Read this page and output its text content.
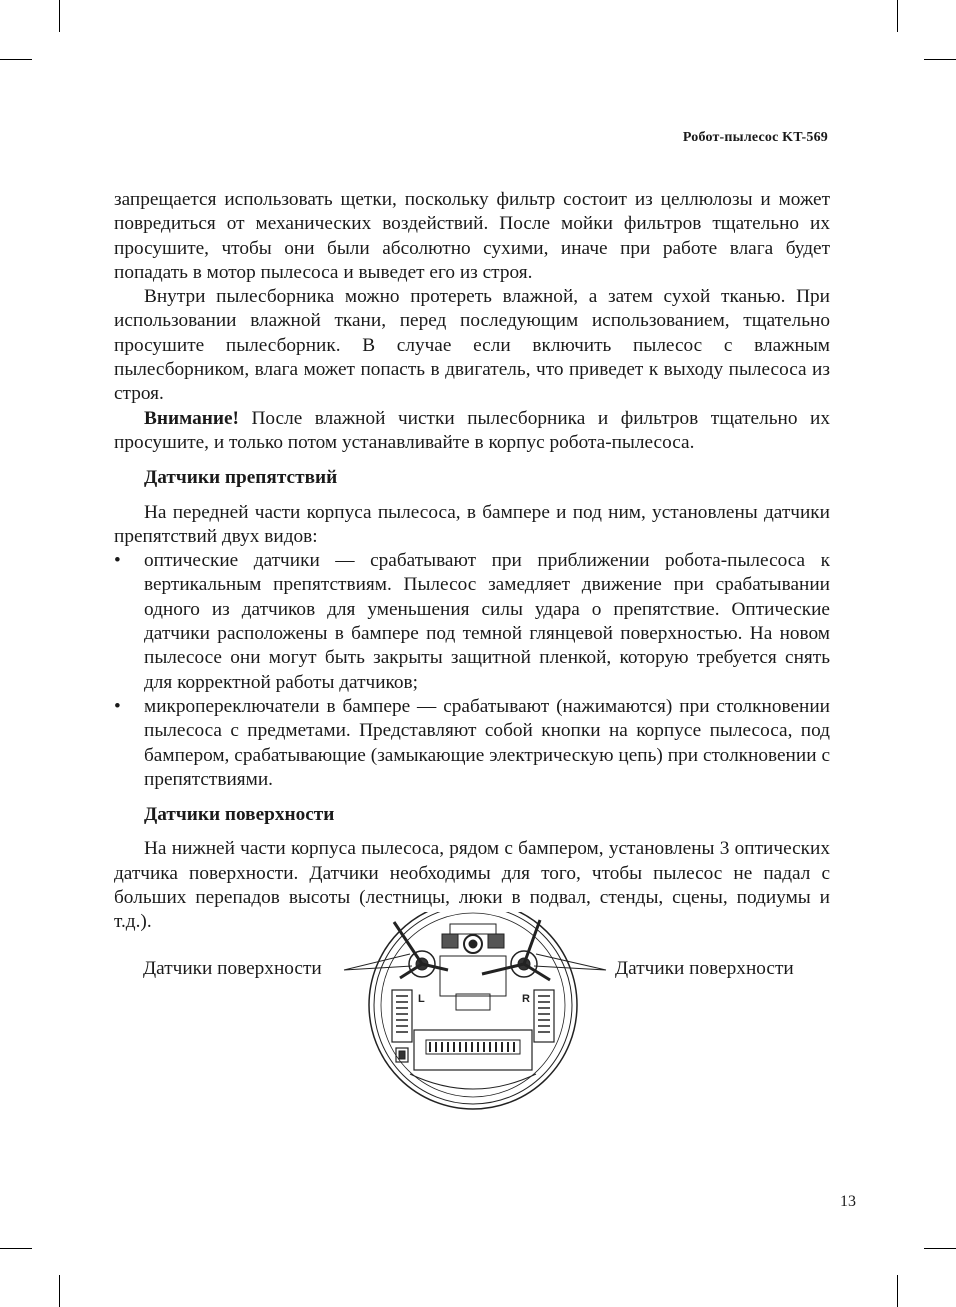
Робот-пылесос KT-569

запрещается использовать щетки, поскольку фильтр состоит из целлюлозы и может повредиться от механических воздействий. После мойки фильтров тщательно их просушите, чтобы они были абсолютно сухими, иначе при работе влага будет попадать в мотор пылесоса и выведет его из строя.

Внутри пылесборника можно протереть влажной, а затем сухой тканью. При использовании влажной ткани, перед последующим использованием, тщательно просушите пылесборник. В случае если включить пылесос с влажным пылесборником, влага может попасть в двигатель, что приведет к выходу пылесоса из строя.

Внимание! После влажной чистки пылесборника и фильтров тщательно их просушите, и только потом устанавливайте в корпус робота-пылесоса.

Датчики препятствий

На передней части корпуса пылесоса, в бампере и под ним, установлены датчики препятствий двух видов:

• оптические датчики — срабатывают при приближении робота-пылесоса к вертикальным препятствиям. Пылесос замедляет движение при срабатывании одного из датчиков для уменьшения силы удара о препятствие. Оптические датчики расположены в бампере под темной глянцевой поверхностью. На новом пылесосе они могут быть закрыты защитной пленкой, которую требуется снять для корректной работы датчиков;
• микропереключатели в бампере — срабатывают (нажимаются) при столкновении пылесоса с предметами. Представляют собой кнопки на корпусе пылесоса, под бампером, срабатывающие (замыкающие электрическую цепь) при столкновении с препятствиями.
Датчики поверхности

На нижней части корпуса пылесоса, рядом с бампером, установлены 3 оптических датчика поверхности. Датчики необходимы для того, чтобы пылесос не падал с больших перепадов высоты (лестницы, люки в подвал, стенды, сцены, подиумы и т.д.).

Датчики поверхности	Датчики поверхности
L	R
13
